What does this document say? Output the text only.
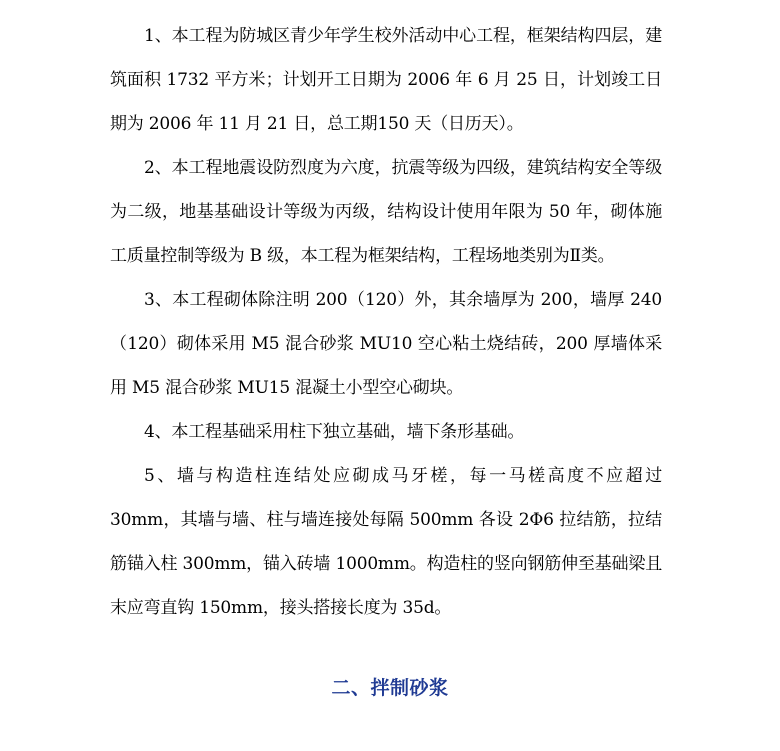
1、本工程为防城区青少年学生校外活动中心工程，框架结构四层，建筑面积 1732 平方米；计划开工日期为 2006 年 6 月 25 日，计划竣工日期为 2006 年 11 月 21 日，总工期150 天（日历天）。

2、本工程地震设防烈度为六度，抗震等级为四级，建筑结构安全等级为二级，地基基础设计等级为丙级，结构设计使用年限为 50 年，砌体施工质量控制等级为 B 级，本工程为框架结构，工程场地类别为Ⅱ类。

3、本工程砌体除注明 200（120）外，其余墙厚为 200，墙厚 240（120）砌体采用 M5 混合砂浆 MU10 空心粘土烧结砖，200 厚墙体采用 M5 混合砂浆 MU15 混凝土小型空心砌块。

4、本工程基础采用柱下独立基础，墙下条形基础。

5、墙与构造柱连结处应砌成马牙槎，每一马槎高度不应超过 30mm，其墙与墙、柱与墙连接处每隔 500mm 各设 2Φ6 拉结筋，拉结筋锚入柱 300mm，锚入砖墙 1000mm。构造柱的竖向钢筋伸至基础梁且末应弯直钩 150mm，接头搭接长度为 35d。

二、拌制砂浆
